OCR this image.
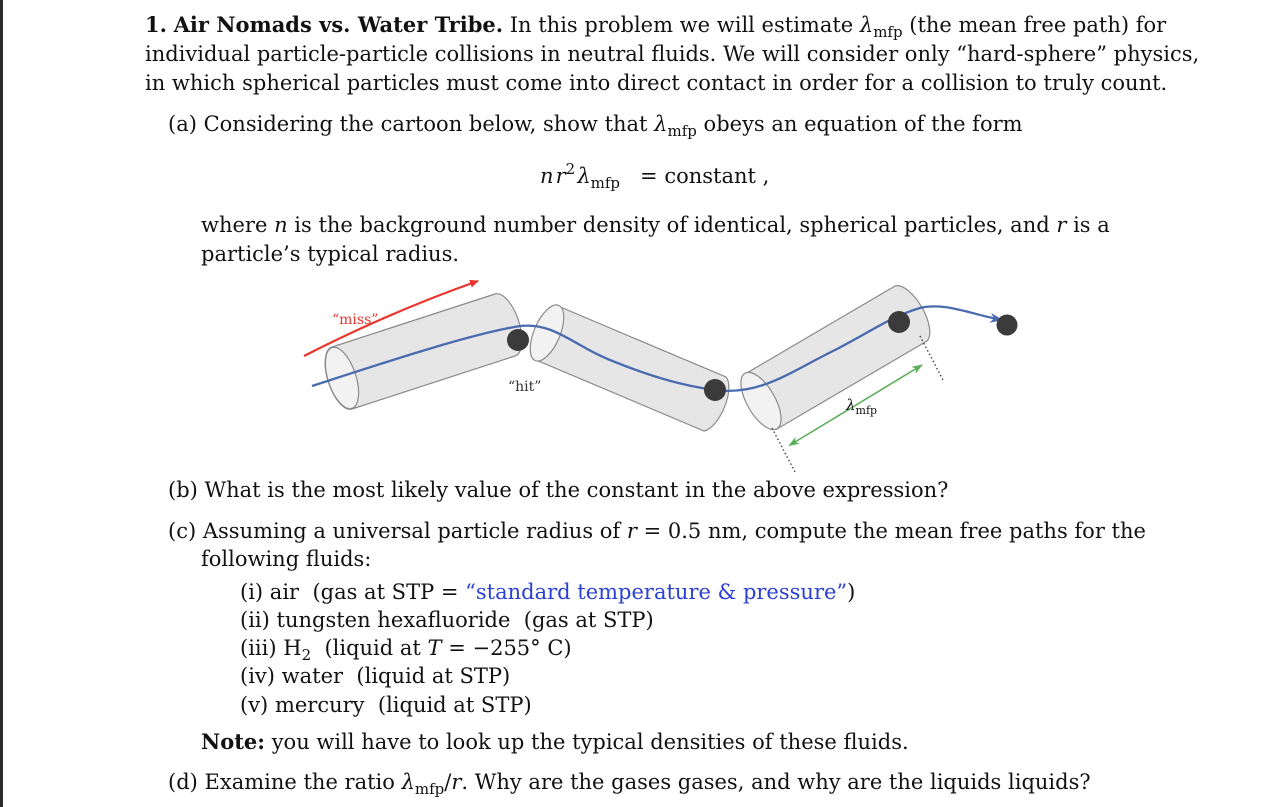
1. Air Nomads vs. Water Tribe. In this problem we will estimate $\lambda_{mfp}$ (the mean free path) for
individual particle-particle collisions in neutral fluids. We will consider only “hard-sphere” physics,
in which spherical particles must come into direct contact in order for a collision to truly count.
(a) Considering the cartoon below, show that $\lambda_{mfp}$ obeys an equation of the form
n $r^2$ $\lambda_{mfp}$ = constant ,
where n is the background number density of identical, spherical particles, and r is a
particle’s typical radius.
“miss”
“hit”
$\lambda_{mfp}$
(b) What is the most likely value of the constant in the above expression?
(c) Assuming a universal particle radius of r = 0.5 nm, compute the mean free paths for the
following fluids:
(i) air (gas at STP = “standard temperature & pressure”)
(ii) tungsten hexafluoride (gas at STP)
(iii) $H_2$ (liquid at T = −255° C)
(iv) water (liquid at STP)
(v) mercury (liquid at STP)
Note: you will have to look up the typical densities of these fluids.
(d) Examine the ratio $\lambda_{mfp}/r$. Why are the gases gases, and why are the liquids liquids?
